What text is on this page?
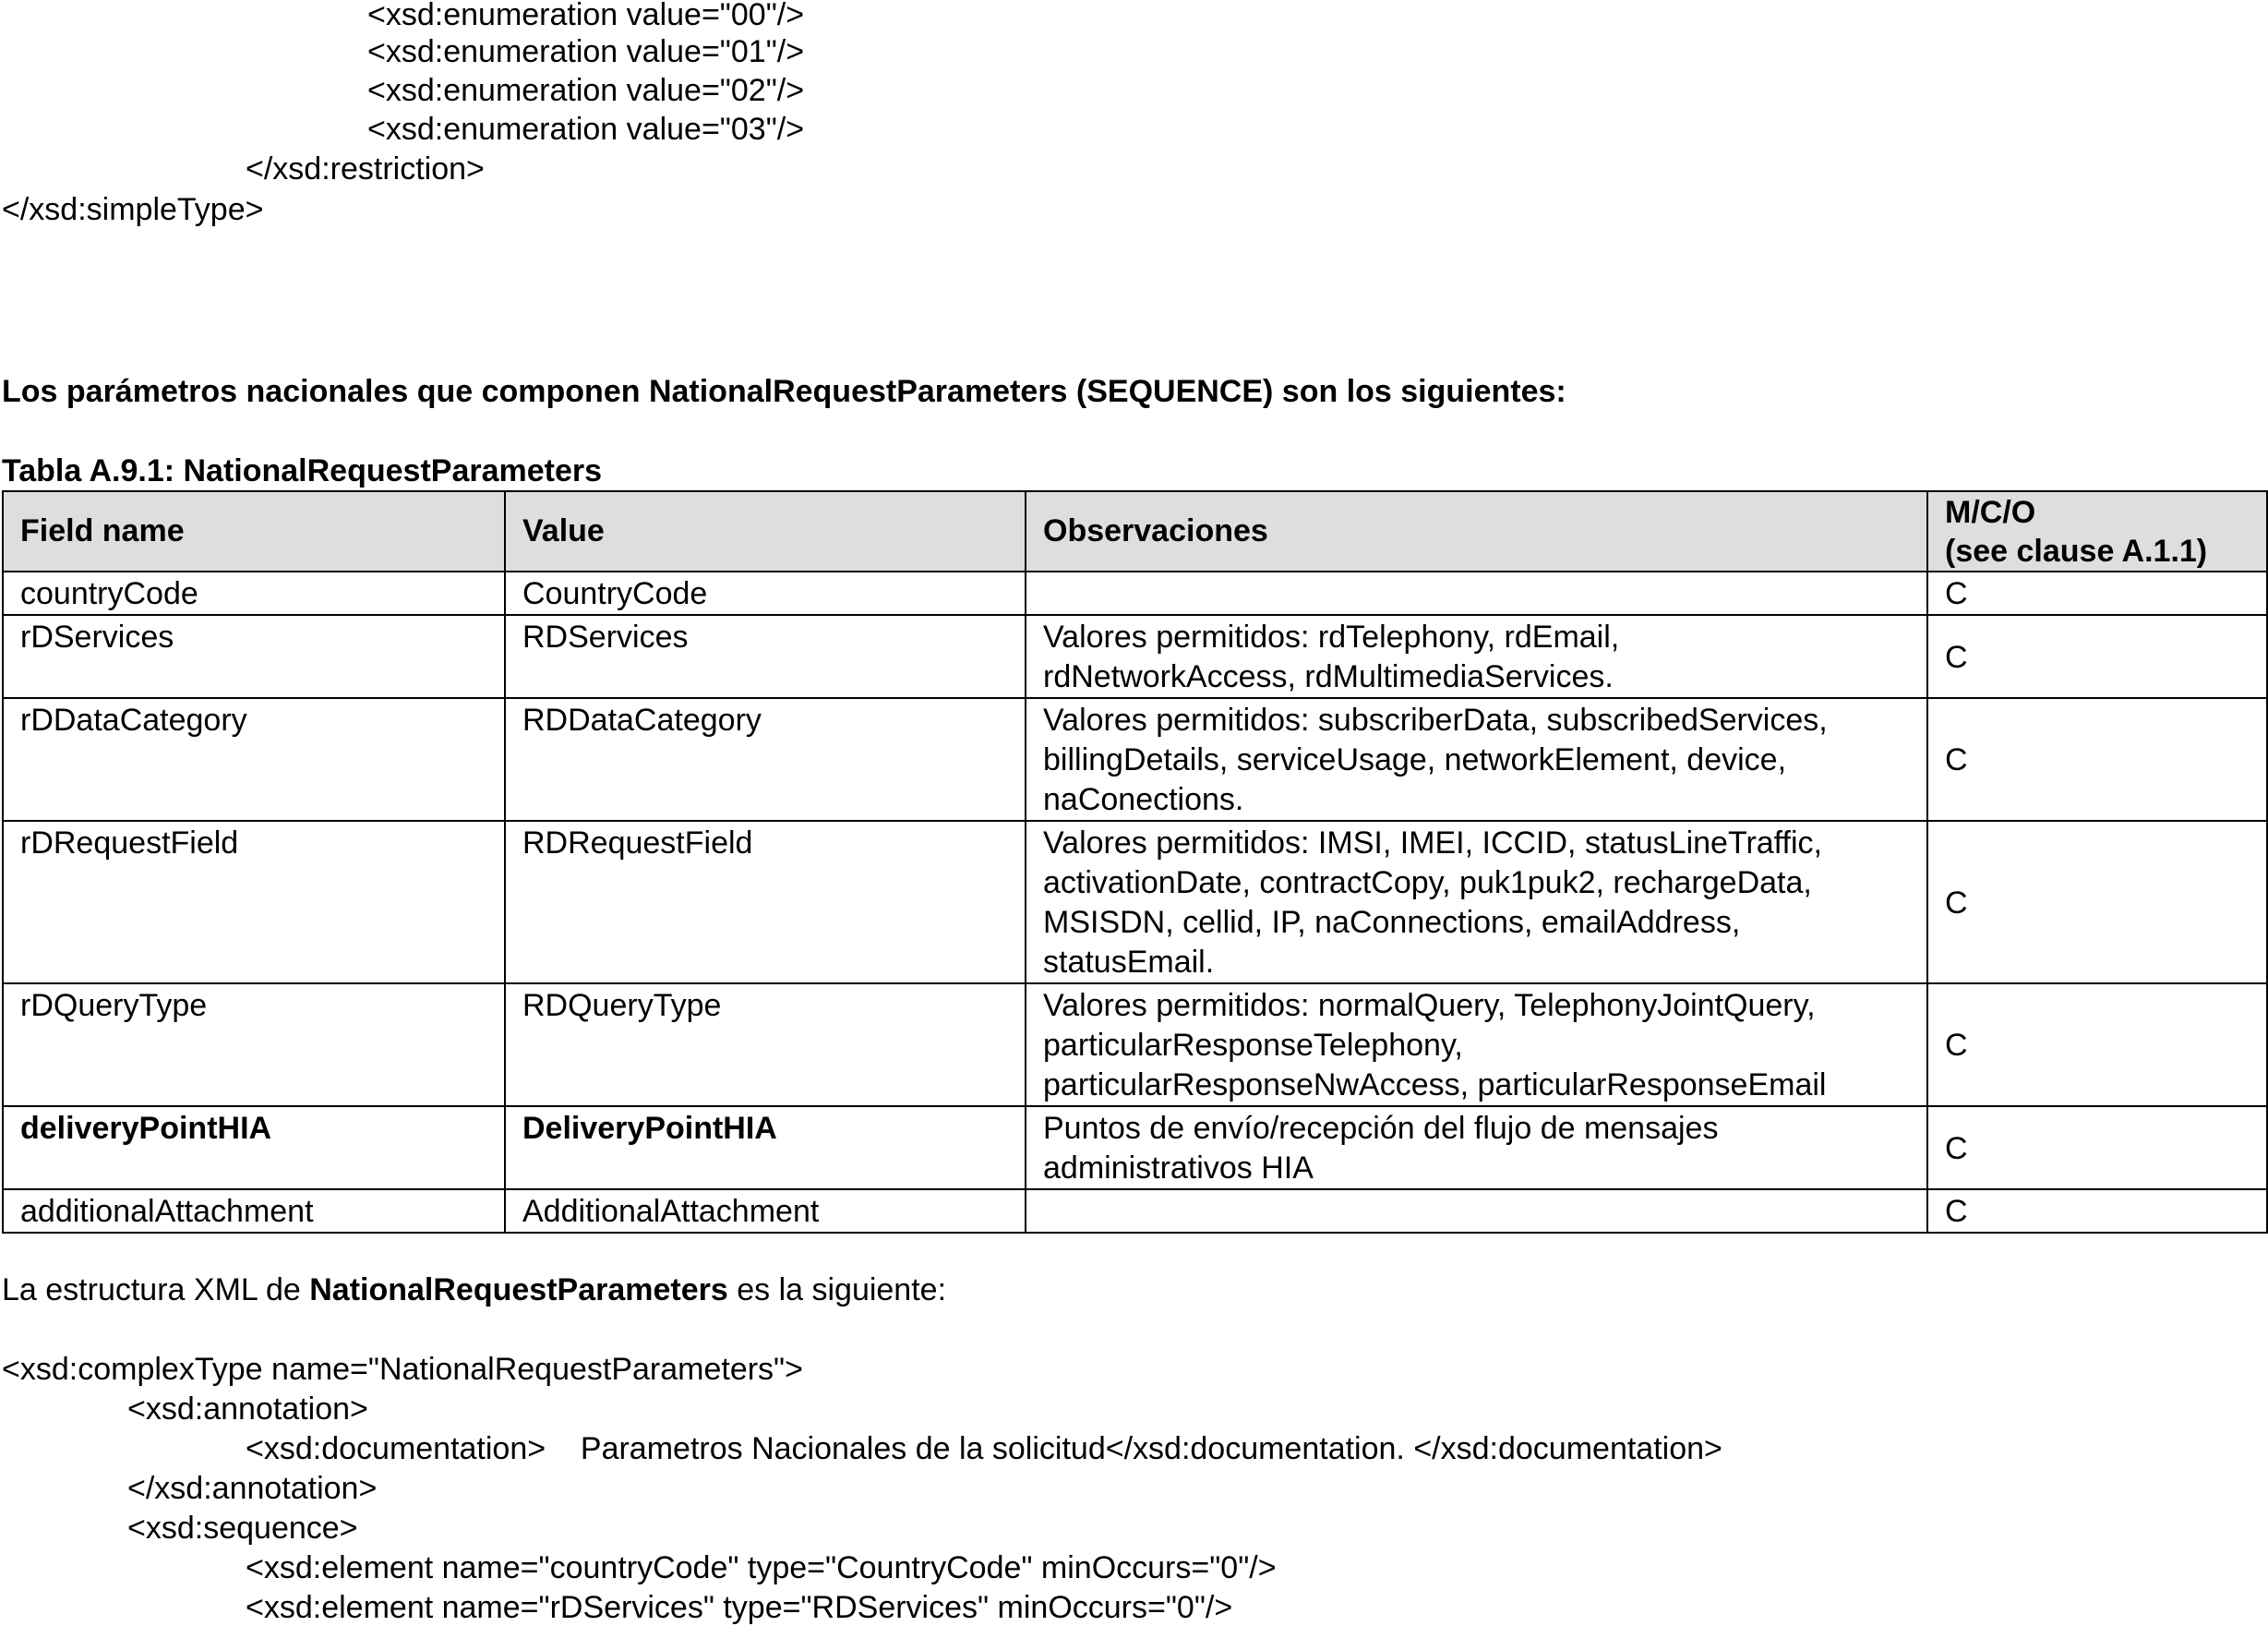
<xsd:enumeration value="00"/>
<xsd:enumeration value="01"/>
<xsd:enumeration value="02"/>
<xsd:enumeration value="03"/>
</xsd:restriction>
</xsd:simpleType>
Los parámetros nacionales que componen NationalRequestParameters (SEQUENCE) son los siguientes:
Tabla A.9.1: NationalRequestParameters
Field name	Value	Observaciones	M/C/O
(see clause A.1.1)

countryCode	CountryCode		C
rDServices	RDServices	Valores permitidos: rdTelephony, rdEmail,
rdNetworkAccess, rdMultimediaServices.	C
rDDataCategory	RDDataCategory	Valores permitidos: subscriberData, subscribedServices,
billingDetails, serviceUsage, networkElement, device,
naConections.	C
rDRequestField	RDRequestField	Valores permitidos: IMSI, IMEI, ICCID, statusLineTraffic,
activationDate, contractCopy, puk1puk2, rechargeData,
MSISDN, cellid, IP, naConnections, emailAddress,
statusEmail.	C
rDQueryType	RDQueryType	Valores permitidos: normalQuery, TelephonyJointQuery,
particularResponseTelephony,
particularResponseNwAccess, particularResponseEmail	C
deliveryPointHIA	DeliveryPointHIA	Puntos de envío/recepción del flujo de mensajes
administrativos HIA	C
additionalAttachment	AdditionalAttachment		C
La estructura XML de NationalRequestParameters es la siguiente:
<xsd:complexType name="NationalRequestParameters">
<xsd:annotation>
<xsd:documentation>    Parametros Nacionales de la solicitud</xsd:documentation. </xsd:documentation>
</xsd:annotation>
<xsd:sequence>
<xsd:element name="countryCode" type="CountryCode" minOccurs="0"/>
<xsd:element name="rDServices" type="RDServices" minOccurs="0"/>
